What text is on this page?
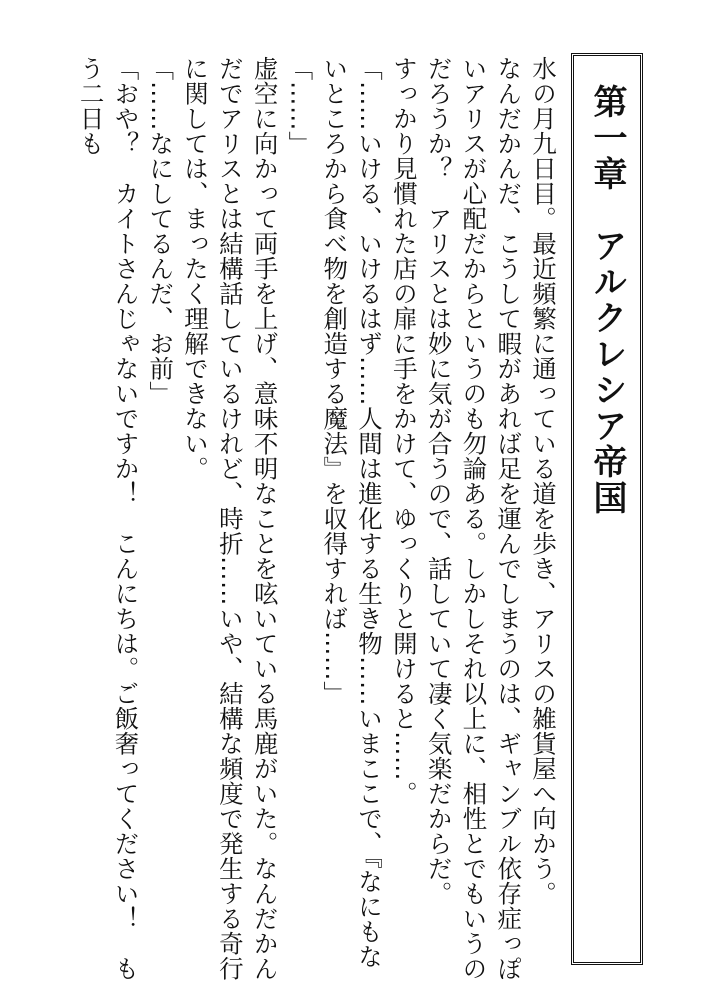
第一章　アルクレシア帝国

水の月九日目。最近頻繁に通っている道を歩き、アリスの雑貨屋へ向かう。

なんだかんだ、こうして暇があれば足を運んでしまうのは、ギャンブル依存症っぽいアリスが心配だからというのも勿論ある。しかしそれ以上に、相性とでもいうのだろうか？　アリスとは妙に気が合うので、話していて凄く気楽だからだ。

すっかり見慣れた店の扉に手をかけて、ゆっくりと開けると……。

「……いける、いけるはず……人間は進化する生き物……いまここで、『なにもないところから食べ物を創造する魔法』を収得すれば……」

「……」

虚空に向かって両手を上げ、意味不明なことを呟いている馬鹿がいた。なんだかんだでアリスとは結構話しているけれど、時折……いや、結構な頻度で発生する奇行に関しては、まったく理解できない。

「……なにしてるんだ、お前」

「おや？　カイトさんじゃないですか！　こんにちは。ご飯奢ってください！　もう二日も
